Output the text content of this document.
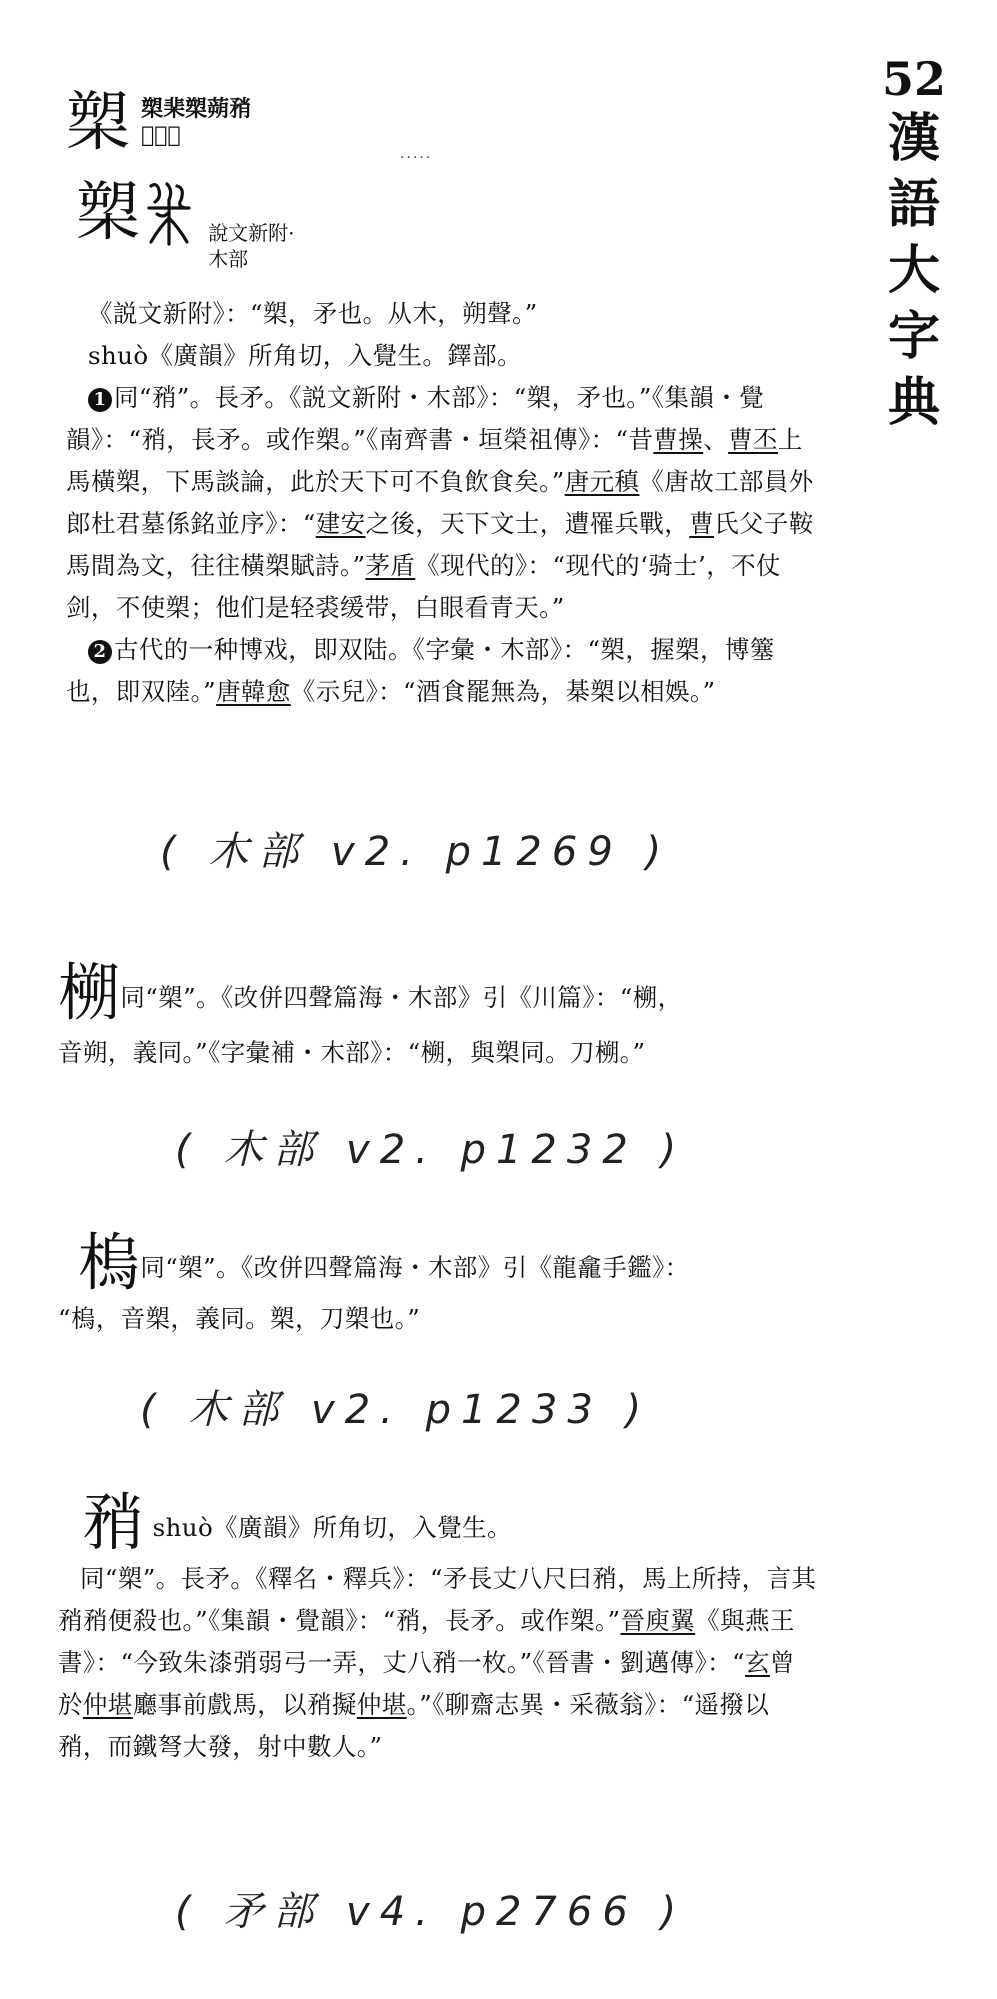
52
漢
語
大
字
典
槊 槊棐槊蒴矟
𢧐𨫿𩐎
·····
槊	說文新附·
木部

《説文新附》：“槊，矛也。从木，朔聲。”

shuò《廣韻》所角切，入覺生。鐸部。

1 同“矟”。長矛。《説文新附・木部》：“槊，矛也。”《集韻・覺韻》：“矟，長矛。或作槊。”《南齊書・垣榮祖傳》：“昔曹操、曹丕上馬橫槊，下馬談論，此於天下可不負飲食矣。”唐元稹《唐故工部員外郎杜君墓係銘並序》：“建安之後，天下文士，遭罹兵戰，曹氏父子鞍馬間為文，往往橫槊賦詩。”茅盾《现代的》：“现代的‘骑士’，不仗剑，不使槊；他们是轻裘缓带，白眼看青天。”

2 古代的一种博戏，即双陆。《字彙・木部》：“槊，握槊，博簺也，即双陸。”唐韓愈《示兒》：“酒食罷無為，棊槊以相娛。”

( 木部 v2. p1269 )
㮶同“槊”。《改併四聲篇海・木部》引《川篇》：“㮶，
音朔，義同。”《字彙補・木部》：“㮶，與槊同。刀㮶。”
( 木部 v2. p1232 )
㮧同“槊”。《改併四聲篇海・木部》引《龍龕手鑑》：
“㮧，音槊，義同。槊，刀槊也。”
( 木部 v2. p1233 )
矟 shuò《廣韻》所角切，入覺生。

同“槊”。長矛。《釋名・釋兵》：“矛長丈八尺曰矟，馬上所持，言其矟矟便殺也。”《集韻・覺韻》：“矟，長矛。或作槊。”晉庾翼《與燕王書》：“今致朱漆弰弱弓一弄，丈八矟一枚。”《晉書・劉邁傳》：“玄曾於仲堪廳事前戲馬，以矟擬仲堪。”《聊齋志異・采薇翁》：“遥撥以矟，而鐵弩大發，射中數人。”

( 矛部 v4. p2766 )
